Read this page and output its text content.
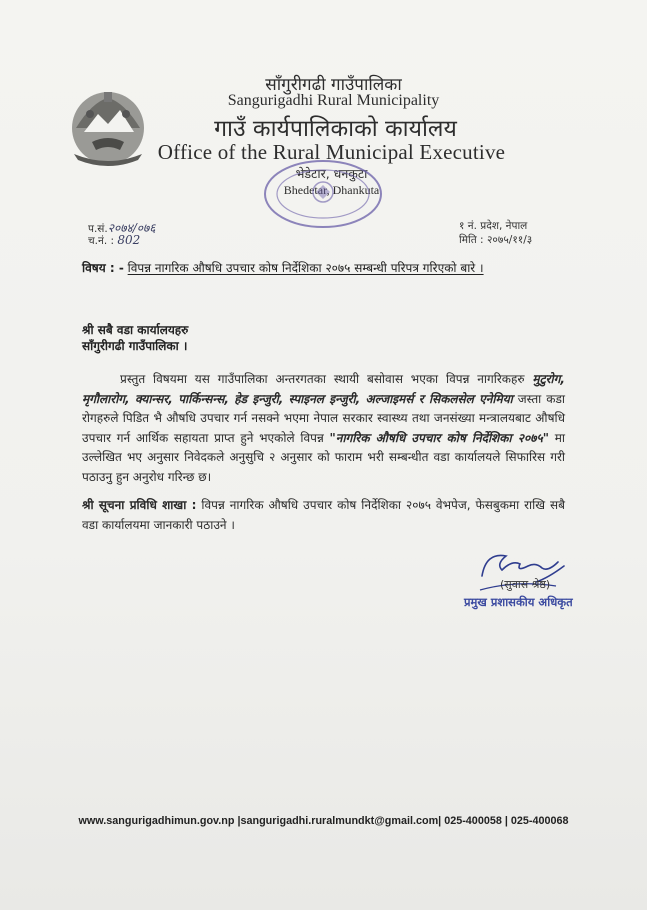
साँगुरीगढी गाउँपालिका
Sangurigadhi Rural Municipality
गाउँ कार्यपालिकाको कार्यालय
Office of the Rural Municipal Executive
भेडेटार, धनकुटा
Bhedetar, Dhankuta
प.सं.२०७४/०७६
च.नं. : 802
१ नं. प्रदेश, नेपाल
मिति : २०७५/११/३
विषय : - विपन्न नागरिक औषधि उपचार कोष निर्देशिका २०७५ सम्बन्धी परिपत्र गरिएको बारे ।
श्री सबै वडा कार्यालयहरु
साँगुरीगढी गाउँपालिका ।
प्रस्तुत विषयमा यस गाउँपालिका अन्तरगतका स्थायी बसोवास भएका विपन्न नागरिकहरु मुटुरोग, मृगौलारोग, क्यान्सर, पार्किन्सन्स, हेड इन्जुरी, स्पाइनल इन्जुरी, अल्जाइमर्स र सिकलसेल एनेमिया जस्ता कडा रोगहरुले पिडित भै औषधि उपचार गर्न नसक्ने भएमा नेपाल सरकार स्वास्थ्य तथा जनसंख्या मन्त्रालयबाट औषधि उपचार गर्न आर्थिक सहायता प्राप्त हुने भएकोले विपन्न "नागरिक औषधि उपचार कोष निर्देशिका २०७५" मा उल्लेखित भए अनुसार निवेदकले अनुसुचि २ अनुसार को फाराम भरी सम्बन्धीत वडा कार्यालयले सिफारिस गरी पठाउनु हुन अनुरोध गरिन्छ छ।
श्री सूचना प्रविधि शाखा : विपन्न नागरिक औषधि उपचार कोष निर्देशिका २०७५ वेभपेज, फेसबुकमा राखि सबै वडा कार्यालयमा जानकारी पठाउने ।
(सुवास श्रेष्ठ)
प्रमुख प्रशासकीय अधिकृत
www.sangurigadhimun.gov.np |sangurigadhi.ruralmundkt@gmail.com| 025-400058 | 025-400068
